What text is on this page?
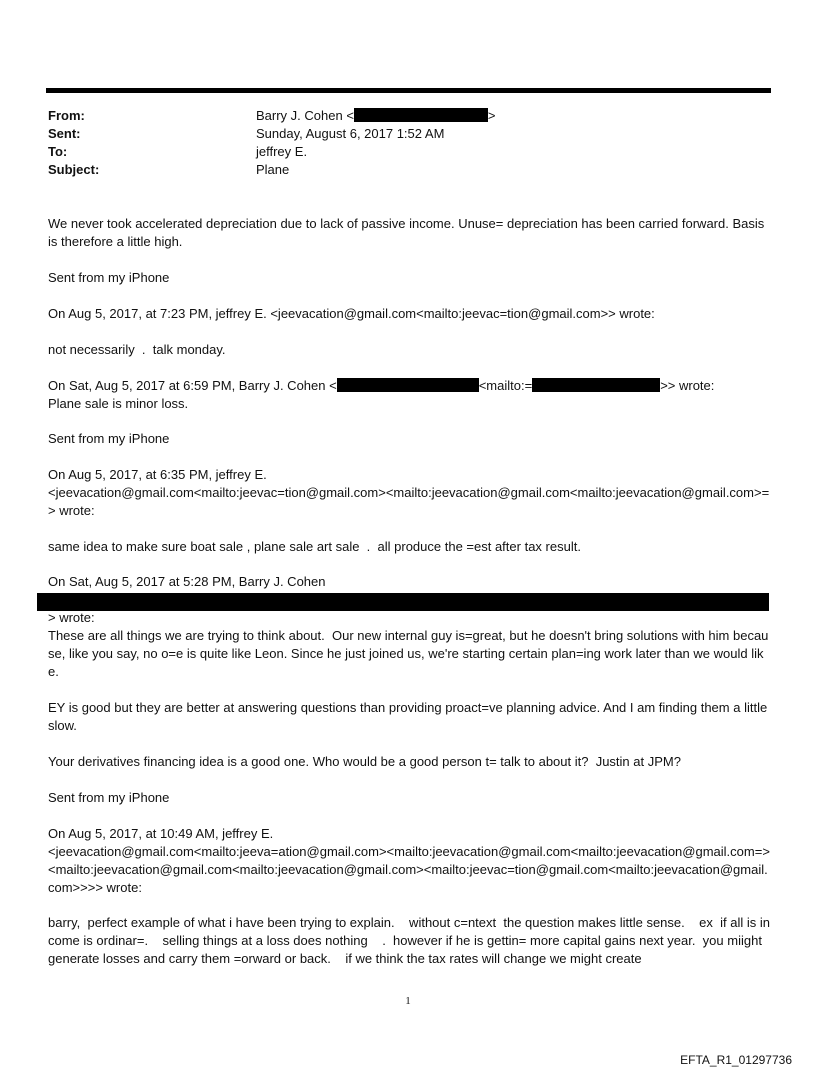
From:	Barry J. Cohen <	>
Sent:	Sunday, August 6, 2017 1:52 AM
To:	jeffrey E.
Subject:	Plane

We never took accelerated depreciation due to lack of passive income. Unuse= depreciation has been carried forward. Basis is therefore a little high.

Sent from my iPhone

On Aug 5, 2017, at 7:23 PM, jeffrey E. <jeevacation@gmail.com<mailto:jeevac=tion@gmail.com>> wrote:

not necessarily  .  talk monday.

On Sat, Aug 5, 2017 at 6:59 PM, Barry J. Cohen <	<mailto:=	>> wrote:

Plane sale is minor loss.

Sent from my iPhone

On Aug 5, 2017, at 6:35 PM, jeffrey E.
<jeevacation@gmail.com<mailto:jeevac=tion@gmail.com><mailto:jeevacation@gmail.com<mailto:jeevacation@gmail.com>=> wrote:

same idea to make sure boat sale , plane sale art sale  .  all produce the =est after tax result.

On Sat, Aug 5, 2017 at 5:28 PM, Barry J. Cohen

> wrote:
These are all things we are trying to think about.  Our new internal guy is=great, but he doesn't bring solutions with him because, like you say, no o=e is quite like Leon. Since he just joined us, we're starting certain plan=ing work later than we would like.

EY is good but they are better at answering questions than providing proact=ve planning advice. And I am finding them a little slow.

Your derivatives financing idea is a good one. Who would be a good person t= talk to about it?  Justin at JPM?

Sent from my iPhone

On Aug 5, 2017, at 10:49 AM, jeffrey E.
<jeevacation@gmail.com<mailto:jeeva=ation@gmail.com><mailto:jeevacation@gmail.com<mailto:jeevacation@gmail.com=><mailto:jeevacation@gmail.com<mailto:jeevacation@gmail.com><mailto:jeevac=tion@gmail.com<mailto:jeevacation@gmail.com>>>> wrote:

barry,  perfect example of what i have been trying to explain.    without c=ntext  the question makes little sense.    ex  if all is income is ordinar=.    selling things at a loss does nothing    .  however if he is gettin= more capital gains next year.  you miight generate losses and carry them =orward or back.    if we think the tax rates will change we might create

1
EFTA_R1_01297736
